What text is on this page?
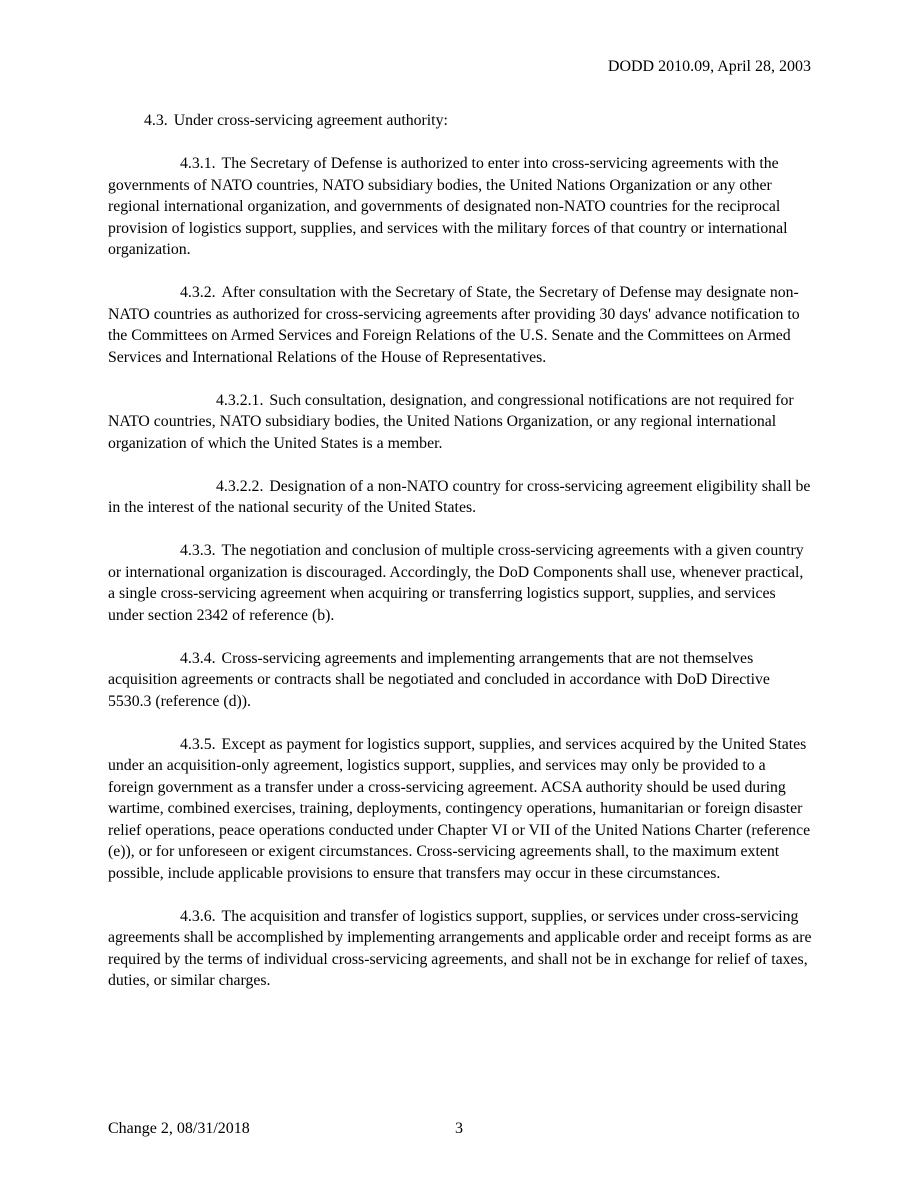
DODD 2010.09, April 28, 2003

4.3. Under cross-servicing agreement authority:

4.3.1. The Secretary of Defense is authorized to enter into cross-servicing agreements with the governments of NATO countries, NATO subsidiary bodies, the United Nations Organization or any other regional international organization, and governments of designated non-NATO countries for the reciprocal provision of logistics support, supplies, and services with the military forces of that country or international organization.

4.3.2. After consultation with the Secretary of State, the Secretary of Defense may designate non-NATO countries as authorized for cross-servicing agreements after providing 30 days' advance notification to the Committees on Armed Services and Foreign Relations of the U.S. Senate and the Committees on Armed Services and International Relations of the House of Representatives.

4.3.2.1. Such consultation, designation, and congressional notifications are not required for NATO countries, NATO subsidiary bodies, the United Nations Organization, or any regional international organization of which the United States is a member.

4.3.2.2. Designation of a non-NATO country for cross-servicing agreement eligibility shall be in the interest of the national security of the United States.

4.3.3. The negotiation and conclusion of multiple cross-servicing agreements with a given country or international organization is discouraged. Accordingly, the DoD Components shall use, whenever practical, a single cross-servicing agreement when acquiring or transferring logistics support, supplies, and services under section 2342 of reference (b).

4.3.4. Cross-servicing agreements and implementing arrangements that are not themselves acquisition agreements or contracts shall be negotiated and concluded in accordance with DoD Directive 5530.3 (reference (d)).

4.3.5. Except as payment for logistics support, supplies, and services acquired by the United States under an acquisition-only agreement, logistics support, supplies, and services may only be provided to a foreign government as a transfer under a cross-servicing agreement. ACSA authority should be used during wartime, combined exercises, training, deployments, contingency operations, humanitarian or foreign disaster relief operations, peace operations conducted under Chapter VI or VII of the United Nations Charter (reference (e)), or for unforeseen or exigent circumstances. Cross-servicing agreements shall, to the maximum extent possible, include applicable provisions to ensure that transfers may occur in these circumstances.

4.3.6. The acquisition and transfer of logistics support, supplies, or services under cross-servicing agreements shall be accomplished by implementing arrangements and applicable order and receipt forms as are required by the terms of individual cross-servicing agreements, and shall not be in exchange for relief of taxes, duties, or similar charges.

Change 2, 08/31/2018	3
